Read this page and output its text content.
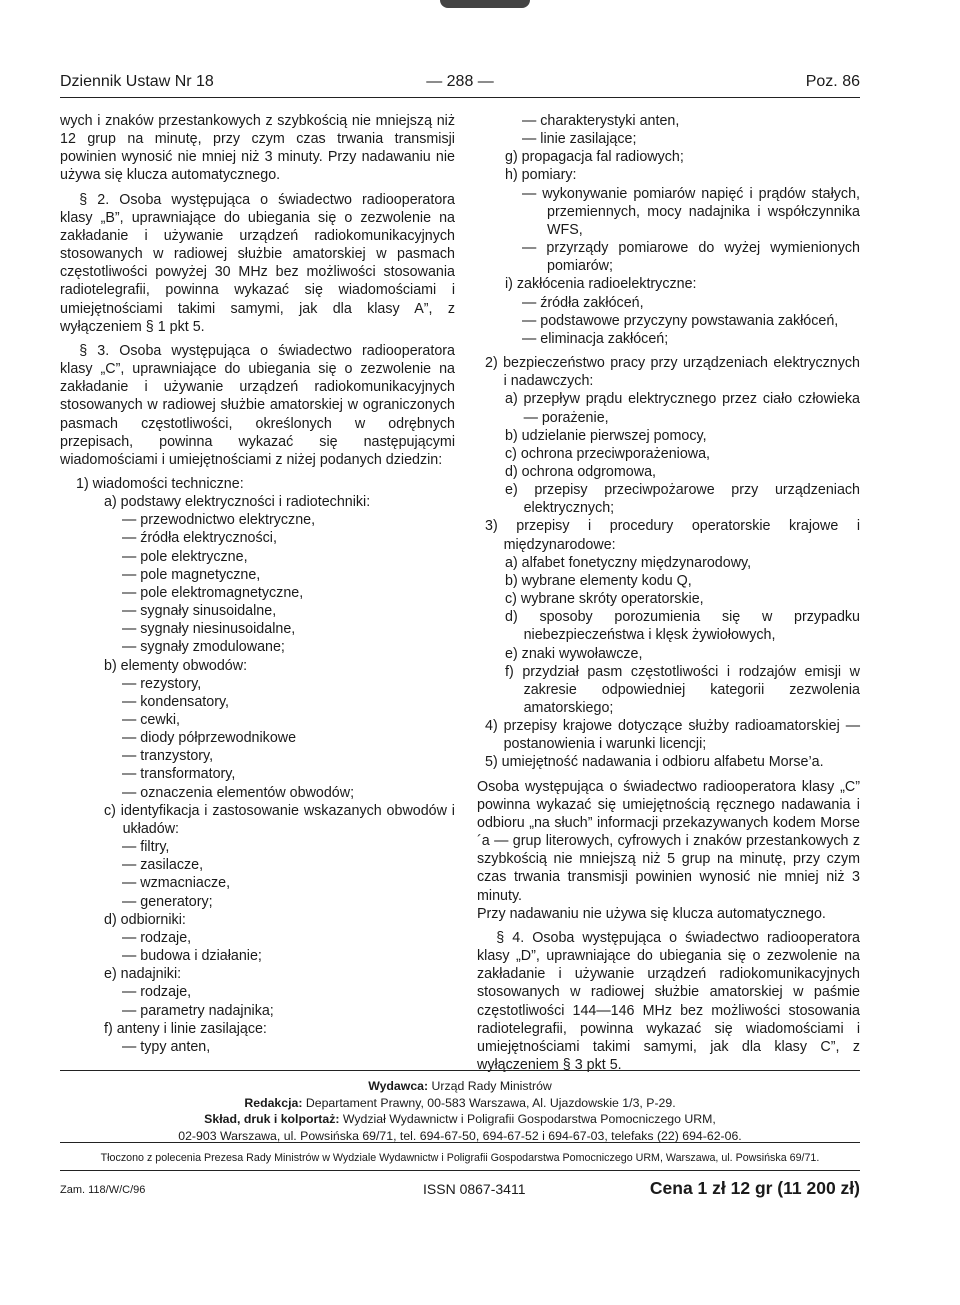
Dziennik Ustaw Nr 18	— 288 —	Poz. 86

wych i znaków przestankowych z szybkością nie mniejszą niż 12 grup na minutę, przy czym czas trwania transmisji powinien wynosić nie mniej niż 3 minuty. Przy nadawaniu nie używa się klucza automatycznego.

§ 2. Osoba występująca o świadectwo radiooperatora klasy „B”, uprawniające do ubiegania się o zezwolenie na zakładanie i używanie urządzeń radiokomunikacyjnych stosowanych w radiowej służbie amatorskiej w pasmach częstotliwości powyżej 30 MHz bez możliwości stosowania radiotelegrafii, powinna wykazać się wiadomościami i umiejętnościami takimi samymi, jak dla klasy A”, z wyłączeniem § 1 pkt 5.

§ 3. Osoba występująca o świadectwo radiooperatora klasy „C”, uprawniające do ubiegania się o zezwolenie na zakładanie i używanie urządzeń radiokomunikacyjnych stosowanych w radiowej służbie amatorskiej w ograniczonych pasmach częstotliwości, określonych w odrębnych przepisach, powinna wykazać się następującymi wiadomościami i umiejętnościami z niżej podanych dziedzin:

1) wiadomości techniczne:

a) podstawy elektryczności i radiotechniki:

— przewodnictwo elektryczne,

— źródła elektryczności,

— pole elektryczne,

— pole magnetyczne,

— pole elektromagnetyczne,

— sygnały sinusoidalne,

— sygnały niesinusoidalne,

— sygnały zmodulowane;

b) elementy obwodów:

— rezystory,

— kondensatory,

— cewki,

— diody półprzewodnikowe

— tranzystory,

— transformatory,

— oznaczenia elementów obwodów;

c) identyfikacja i zastosowanie wskazanych obwodów i układów:

— filtry,

— zasilacze,

— wzmacniacze,

— generatory;

d) odbiorniki:

— rodzaje,

— budowa i działanie;

e) nadajniki:

— rodzaje,

— parametry nadajnika;

f) anteny i linie zasilające:

— typy anten,

— charakterystyki anten,

— linie zasilające;

g) propagacja fal radiowych;

h) pomiary:

— wykonywanie pomiarów napięć i prądów stałych, przemiennych, mocy nadajnika i współczynnika WFS,

— przyrządy pomiarowe do wyżej wymienionych pomiarów;

i) zakłócenia radioelektryczne:

— źródła zakłóceń,

— podstawowe przyczyny powstawania zakłóceń,

— eliminacja zakłóceń;

2) bezpieczeństwo pracy przy urządzeniach elektrycznych i nadawczych:

a) przepływ prądu elektrycznego przez ciało człowieka — porażenie,

b) udzielanie pierwszej pomocy,

c) ochrona przeciwporażeniowa,

d) ochrona odgromowa,

e) przepisy przeciwpożarowe przy urządzeniach elektrycznych;

3) przepisy i procedury operatorskie krajowe i międzynarodowe:

a) alfabet fonetyczny międzynarodowy,

b) wybrane elementy kodu Q,

c) wybrane skróty operatorskie,

d) sposoby porozumienia się w przypadku niebezpieczeństwa i klęsk żywiołowych,

e) znaki wywoławcze,

f) przydział pasm częstotliwości i rodzajów emisji w zakresie odpowiedniej kategorii zezwolenia amatorskiego;

4) przepisy krajowe dotyczące służby radioamatorskiej — postanowienia i warunki licencji;

5) umiejętność nadawania i odbioru alfabetu Morse’a.

Osoba występująca o świadectwo radiooperatora klasy „C” powinna wykazać się umiejętnością ręcznego nadawania i odbioru „na słuch” informacji przekazywanych kodem Morse´a — grup literowych, cyfrowych i znaków przestankowych z szybkością nie mniejszą niż 5 grup na minutę, przy czym czas trwania transmisji powinien wynosić nie mniej niż 3 minuty.

Przy nadawaniu nie używa się klucza automatycznego.

§ 4. Osoba występująca o świadectwo radiooperatora klasy „D”, uprawniające do ubiegania się o zezwolenie na zakładanie i używanie urządzeń radiokomunikacyjnych stosowanych w radiowej służbie amatorskiej w paśmie częstotliwości 144—146 MHz bez możliwości stosowania radiotelegrafii, powinna wykazać się wiadomościami i umiejętnościami takimi samymi, jak dla klasy C”, z wyłączeniem § 3 pkt 5.

Wydawca: Urząd Rady Ministrów
Redakcja: Departament Prawny, 00-583 Warszawa, Al. Ujazdowskie 1/3, P-29.
Skład, druk i kolportaż: Wydział Wydawnictw i Poligrafii Gospodarstwa Pomocniczego URM,
02-903 Warszawa, ul. Powsińska 69/71, tel. 694-67-50, 694-67-52 i 694-67-03, telefaks (22) 694-62-06.
Tłoczono z polecenia Prezesa Rady Ministrów w Wydziale Wydawnictw i Poligrafii Gospodarstwa Pomocniczego URM, Warszawa, ul. Powsińska 69/71.
Zam. 118/W/C/96	ISSN 0867-3411	Cena 1 zł 12 gr (11 200 zł)
